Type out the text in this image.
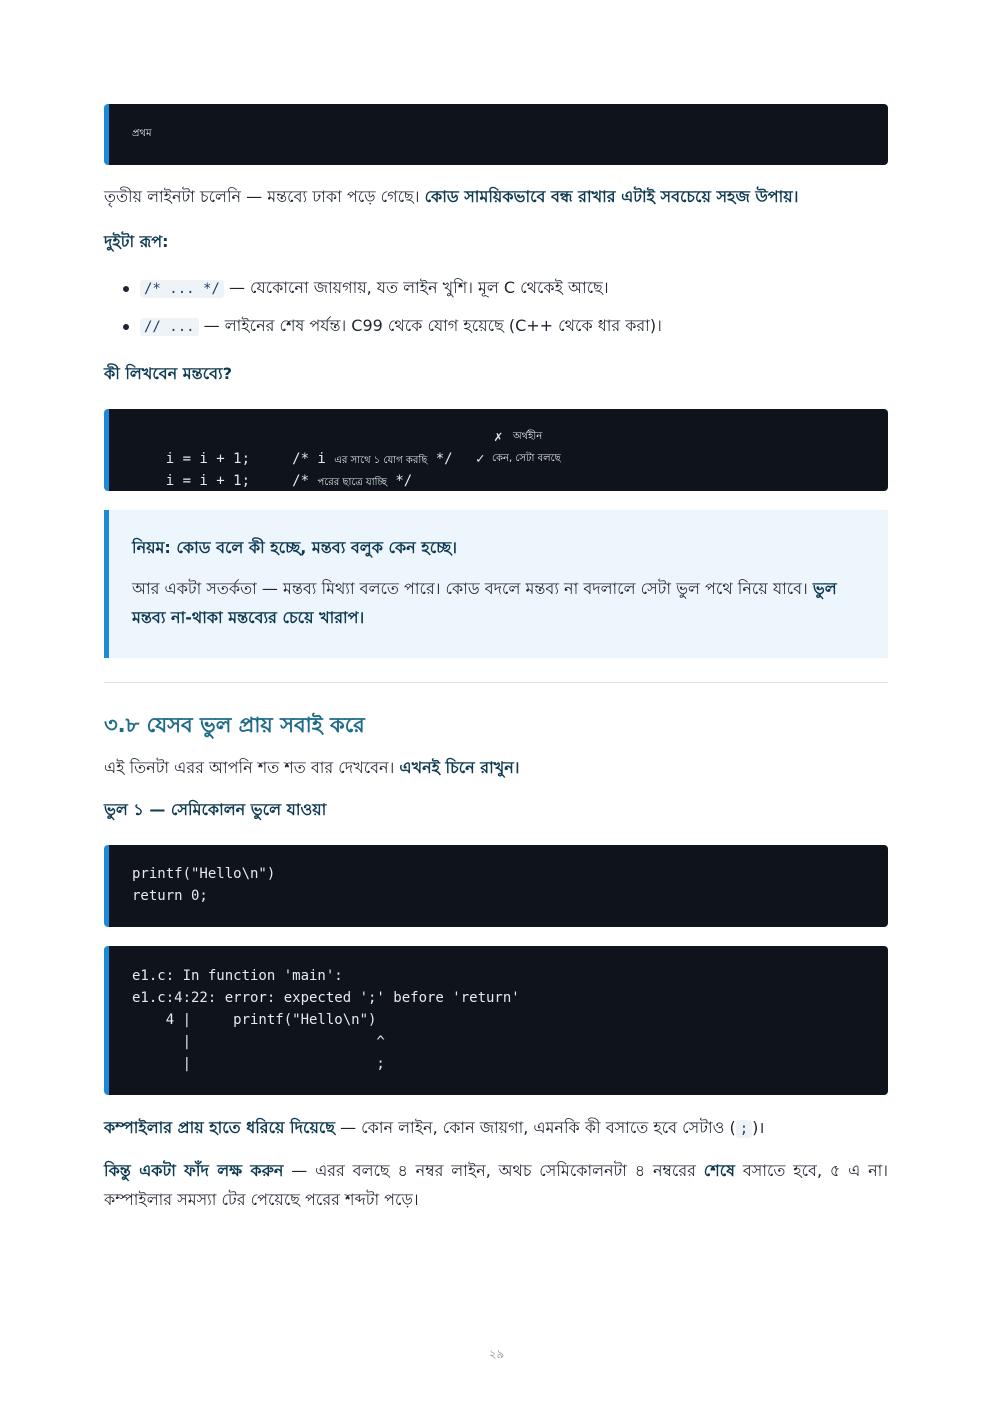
প্রথম

তৃতীয় লাইনটা চলেনি — মন্তব্যে ঢাকা পড়ে গেছে। কোড সাময়িকভাবে বন্ধ রাখার এটাই সবচেয়ে সহজ উপায়।

দুইটা রূপ:

/* ... */ — যেকোনো জায়গায়, যত লাইন খুশি। মূল C থেকেই আছে।
// ... — লাইনের শেষ পর্যন্ত। C99 থেকে যোগ হয়েছে (C++ থেকে ধার করা)।

কী লিখবেন মন্তব্যে?

i = i + 1;     /* i এর সাথে ১ যোগ করছি */

✗

অর্থহীন

i = i + 1;     /* পরের ছাত্রে যাচ্ছি */

✓

কেন, সেটা বলছে

নিয়ম: কোড বলে কী হচ্ছে, মন্তব্য বলুক কেন হচ্ছে।

আর একটা সতর্কতা — মন্তব্য মিথ্যা বলতে পারে। কোড বদলে মন্তব্য না বদলালে সেটা ভুল পথে নিয়ে যাবে। ভুল মন্তব্য না-থাকা মন্তব্যের চেয়ে খারাপ।

৩.৮ যেসব ভুল প্রায় সবাই করে

এই তিনটা এরর আপনি শত শত বার দেখবেন। এখনই চিনে রাখুন।

ভুল ১ — সেমিকোলন ভুলে যাওয়া

printf("Hello\n")
return 0;
e1.c: In function 'main':
e1.c:4:22: error: expected ';' before 'return'
4 |     printf("Hello\n")
|                      ^
|                      ;

কম্পাইলার প্রায় হাতে ধরিয়ে দিয়েছে — কোন লাইন, কোন জায়গা, এমনকি কী বসাতে হবে সেটাও ( ; )।

কিন্তু একটা ফাঁদ লক্ষ করুন — এরর বলছে ৪ নম্বর লাইন, অথচ সেমিকোলনটা ৪ নম্বরের শেষে বসাতে হবে, ৫ এ না। কম্পাইলার সমস্যা টের পেয়েছে পরের শব্দটা পড়ে।

২৯
